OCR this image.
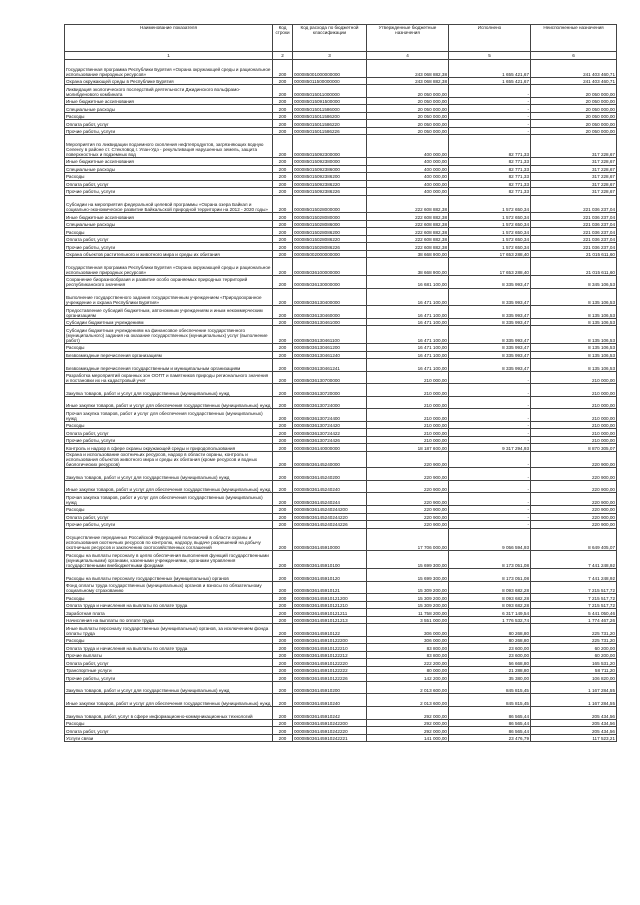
Наименование показателя	Код строки	Код расхода по бюджетной классификации	Утвержденные бюджетные назначения	Исполнено	Неисполненные назначения
1	2	3	4	5	6
Государственная программа Республики Бурятия «Охрана окружающей среды и рациональное использование природных ресурсов»	200	000085001000000000	243 068 882,38	1 655 421,67	241 403 460,71
Охрана окружающей среды в Республике Бурятия	200	000085011500000000	243 068 882,38	1 655 421,67	241 403 460,71
Ликвидация экологического последствий деятельности Джидинского вольфрамо-молибденового комбината	200	000085015011000000	20 050 000,00	-	20 050 000,00
Иные бюджетные ассигнования	200	000085015091500000	20 050 000,00	-	20 050 000,00
Специальные расходы	200	000085015011586000	20 050 000,00	-	20 050 000,00
Расходы	200	000085015011586200	20 050 000,00	-	20 050 000,00
Оплата работ, услуг	200	000085015011586220	20 050 000,00	-	20 050 000,00
Прочие работы, услуги	200	000085015011586226	20 050 000,00	-	20 050 000,00
Мероприятия по ликвидации подземного скопления нефтепродуктов, загрязняющих водную Селенгу в районе ст. Стекловод г. Улан-Удэ - рекультивация нарушенных земель, защита поверхностных и подземных вод	200	000085015092300000	400 000,00	82 771,33	317 228,67
Иные бюджетные ассигнования	200	000085015092380000	400 000,00	82 771,33	317 228,67
Специальные расходы	200	000085015092386000	400 000,00	82 771,33	317 228,67
Расходы	200	000085015092386200	400 000,00	82 771,33	317 228,67
Оплата работ, услуг	200	000085015092386220	400 000,00	82 771,33	317 228,67
Прочие работы, услуги	200	000085015092386226	400 000,00	82 771,33	317 228,67
Субсидии на мероприятия федеральной целевой программы «Охрана озера Байкал и социально-экономическое развитие Байкальской природной территории на 2012 - 2020 годы»	200	000085015028000000	222 608 882,38	1 572 650,34	221 036 237,04
Иные бюджетные ассигнования	200	000085015028080000	222 608 882,38	1 572 650,34	221 036 237,04
Специальные расходы	200	000085015028086000	222 608 882,38	1 572 650,34	221 036 237,04
Расходы	200	000085015028086200	222 608 882,38	1 572 650,34	221 036 237,04
Оплата работ, услуг	200	000085015028086220	222 608 882,38	1 572 650,34	221 036 237,04
Прочие работы, услуги	200	000085015028086226	222 608 882,38	1 572 650,34	221 036 237,04
Охрана объектов растительного и животного мира и среды их обитания	200	000085002000000000	38 668 900,00	17 653 288,40	21 015 611,60
Государственная программа Республики Бурятия «Охрана окружающей среды и рациональное использование природных ресурсов»	200	000085036100000000	38 668 900,00	17 653 288,40	21 015 611,60
Сохранение биоразнообразия и развитие особо охраняемых природных территорий республиканского значения	200	000085036130000000	16 681 100,00	8 335 993,47	8 345 106,53
Выполнение государственного задания государственным учреждением «Природоохранное учреждение и охрана Республики Бурятия»	200	000085036130400000	16 471 100,00	8 335 993,47	8 135 106,53
Предоставление субсидий бюджетным, автономным учреждениям и иным некоммерческим организациям	200	000085036130460000	16 471 100,00	8 335 993,47	8 135 106,53
Субсидии бюджетным учреждениям	200	000085036130461000	16 471 100,00	8 335 993,47	8 135 106,53
Субсидии бюджетным учреждениям на финансовое обеспечение государственного (муниципального) задания на оказание государственных (муниципальных) услуг (выполнение работ)	200	000085036130461100	16 471 100,00	8 335 993,47	8 135 106,53
Расходы	200	000085036130461200	16 471 100,00	8 335 993,47	8 135 106,53
Безвозмездные перечисления организациям	200	000085036130461240	16 471 100,00	8 335 993,47	8 135 106,53
Безвозмездные перечисления государственным и муниципальным организациям	200	000085036130461241	16 471 100,00	8 335 993,47	8 135 106,53
Разработка мероприятий охранных зон ООПТ и памятников природы регионального значения и постановки их на кадастровый учет	200	000085036130700000	210 000,00	-	210 000,00
Закупка товаров, работ и услуг для государственных (муниципальных) нужд	200	000085036130720000	210 000,00	-	210 000,00
Иные закупки товаров, работ и услуг для обеспечения государственных (муниципальных) нужд	200	000085036130724000	210 000,00	-	210 000,00
Прочая закупка товаров, работ и услуг для обеспечения государственных (муниципальных) нужд	200	000085036130724400	210 000,00	-	210 000,00
Расходы	200	000085036130724420	210 000,00	-	210 000,00
Оплата работ, услуг	200	000085036130724422	210 000,00	-	210 000,00
Прочие работы, услуги	200	000085036130724426	210 000,00	-	210 000,00
Контроль и надзор в сфере охраны окружающей среды и природопользования	200	000085036140000000	18 187 600,00	9 317 294,93	8 870 305,07
Охрана и использование охотничьих ресурсов, надзор в области охраны, контроль и использования объектов животного мира и среды их обитания (кроме ресурсов и водных биологических ресурсов)	200	000085036145240000	220 900,00	-	220 900,00
Закупка товаров, работ и услуг для государственных (муниципальных) нужд	200	000085036145240200	220 900,00	-	220 900,00
Иные закупки товаров, работ и услуг для обеспечения государственных (муниципальных) нужд	200	000085036145240240	220 900,00	-	220 900,00
Прочая закупка товаров, работ и услуг для обеспечения государственных (муниципальных) нужд	200	000085036145240244	220 900,00	-	220 900,00
Расходы	200	000085036145240244200	220 900,00	-	220 900,00
Оплата работ, услуг	200	000085036145240244220	220 900,00	-	220 900,00
Прочие работы, услуги	200	000085036145240244226	220 900,00	-	220 900,00
Осуществление переданных Российской Федерацией полномочий в области охраны и использования охотничьих ресурсов по контролю, надзору, выдаче разрешений на добычу охотничьих ресурсов и заключению охотхозяйственных соглашений	200	000085036145910000	17 706 000,00	9 056 594,93	8 649 405,07
Расходы на выплаты персоналу в целях обеспечения выполнения функций государственными (муниципальными) органами, казенными учреждениями, органами управления государственными внебюджетными фондами	200	000085036145910100	15 699 300,00	8 173 051,08	7 441 248,92
Расходы на выплаты персоналу государственных (муниципальных) органов	200	000085036145910120	15 699 300,00	8 173 051,08	7 441 248,92
Фонд оплаты труда государственных (муниципальных) органов и взносы по обязательному социальному страхованию	200	000085036145910121	15 309 200,00	8 093 682,28	7 215 517,72
Расходы	200	000085036145910121200	15 309 200,00	8 093 682,28	7 215 517,72
Оплата труда и начисления на выплаты по оплате труда	200	000085036145910121210	15 309 200,00	8 093 682,28	7 215 517,72
Заработная плата	200	000085036145910121211	11 758 200,00	6 317 149,54	5 441 050,46
Начисления на выплаты по оплате труда	200	000085036145910121213	3 551 000,00	1 776 532,74	1 774 467,26
Иные выплаты персоналу государственных (муниципальных) органов, за исключением фонда оплаты труда	200	000085036145910122	306 000,00	80 268,80	225 731,20
Расходы	200	000085036145910122200	306 000,00	80 268,80	225 731,20
Оплата труда и начисления на выплаты по оплате труда	200	000085036145910122210	83 800,00	23 600,00	60 200,00
Прочие выплаты	200	000085036145910122212	83 800,00	23 600,00	60 200,00
Оплата работ, услуг	200	000085036145910122220	222 200,00	56 668,80	165 531,20
Транспортные услуги	200	000085036145910122222	80 000,00	21 288,80	58 711,20
Прочие работы, услуги	200	000085036145910122226	142 200,00	35 380,00	106 820,00
Закупка товаров, работ и услуг для государственных (муниципальных) нужд	200	000085036145910200	2 013 600,00	845 815,45	1 167 284,55
Иные закупки товаров, работ и услуг для обеспечения государственных (муниципальных) нужд	200	000085036145910240	2 013 600,00	845 815,45	1 167 284,55
Закупка товаров, работ, услуг в сфере информационно-коммуникационных технологий	200	000085036145910242	292 000,00	86 565,44	205 434,56
Расходы	200	000085036145910242200	292 000,00	86 565,44	205 434,56
Оплата работ, услуг	200	000085036145910242220	292 000,00	86 565,44	205 434,56
Услуги связи	200	000085036145910242221	141 000,00	23 476,79	117 523,21
